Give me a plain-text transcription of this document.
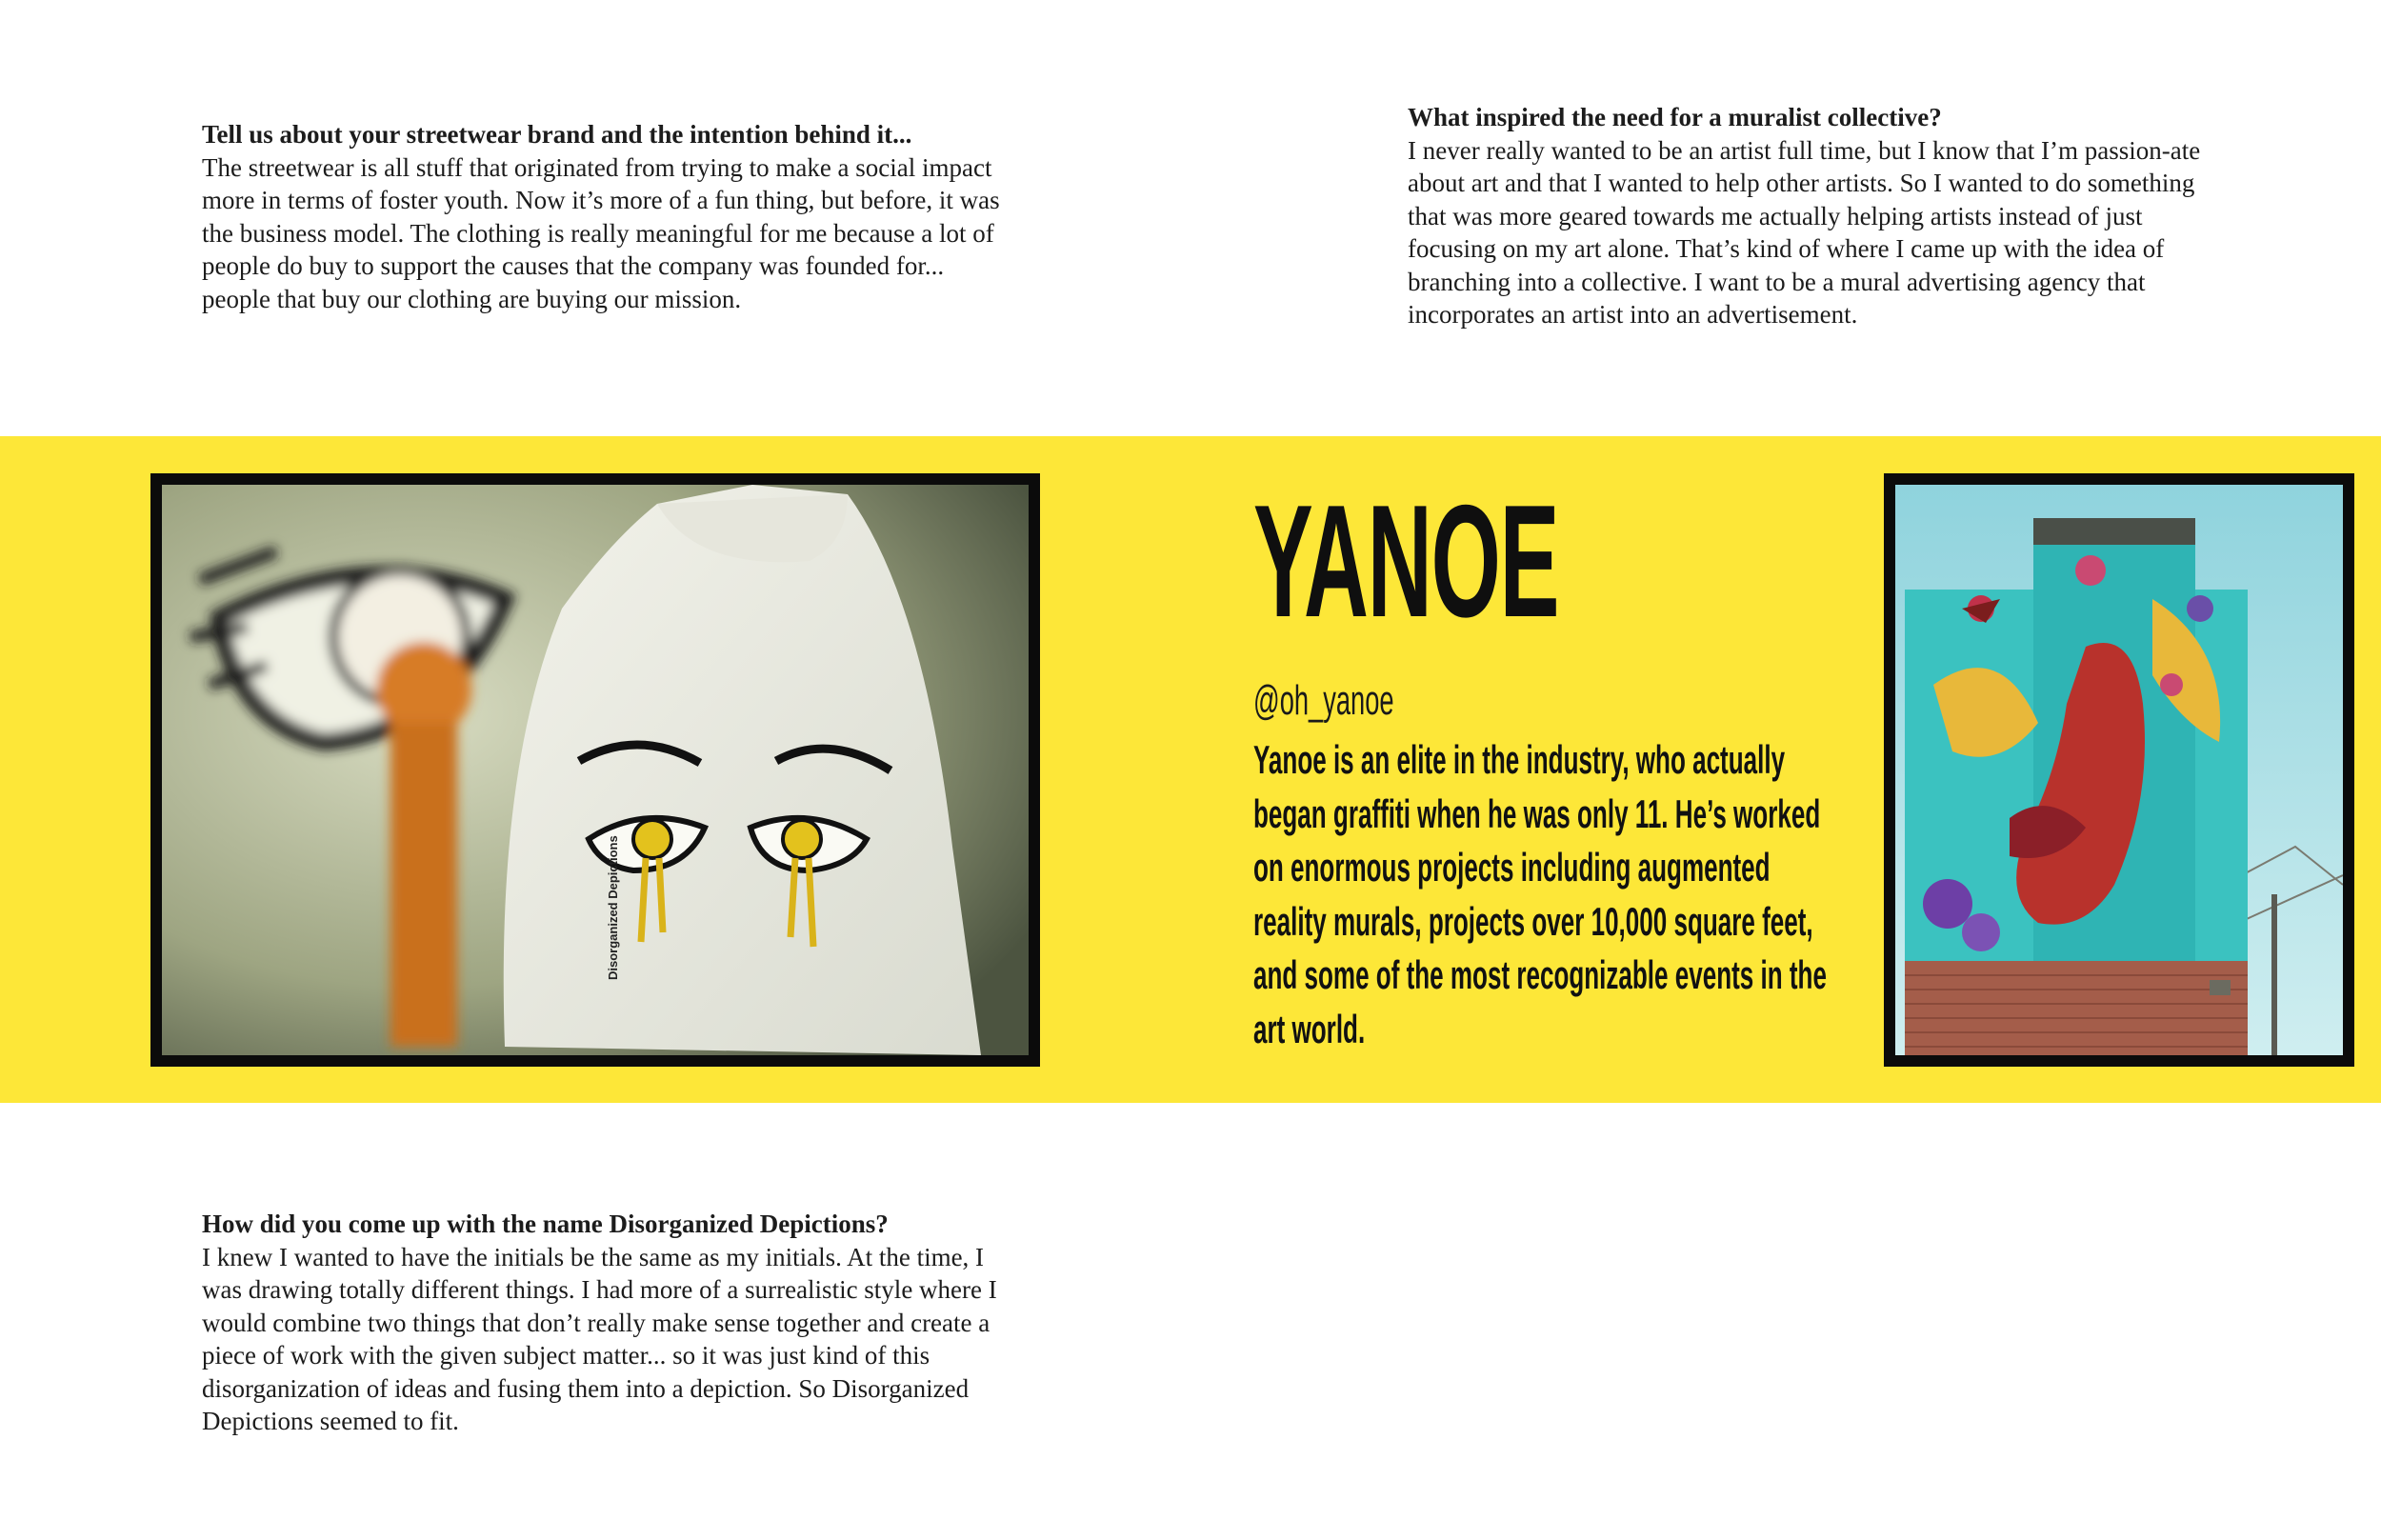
Tell us about your streetwear brand and the intention behind it...
The streetwear is all stuff that originated from trying to make a social impact more in terms of foster youth. Now it’s more of a fun thing, but before, it was the business model. The clothing is really meaningful for me because a lot of people do buy to support the causes that the company was founded for... people that buy our clothing are buying our mission.
What inspired the need for a muralist collective?
I never really wanted to be an artist full time, but I know that I’m passion-ate about art and that I wanted to help other artists. So I wanted to do something that was more geared towards me actually helping artists instead of just focusing on my art alone. That’s kind of where I came up with the idea of branching into a collective. I want to be a mural advertising agency that incorporates an artist into an advertisement.
Disorganized Depictions
YANOE
@oh_yanoe
Yanoe is an elite in the industry, who actually began graffiti when he was only 11. He’s worked on enormous projects including augmented reality murals, projects over 10,000 square feet, and some of the most recognizable events in the art world.
How did you come up with the name Disorganized Depictions?
I knew I wanted to have the initials be the same as my initials. At the time, I was drawing totally different things. I had more of a surrealistic style where I would combine two things that don’t really make sense together and create a piece of work with the given subject matter... so it was just kind of this disorganization of ideas and fusing them into a depiction. So Disorganized Depictions seemed to fit.
